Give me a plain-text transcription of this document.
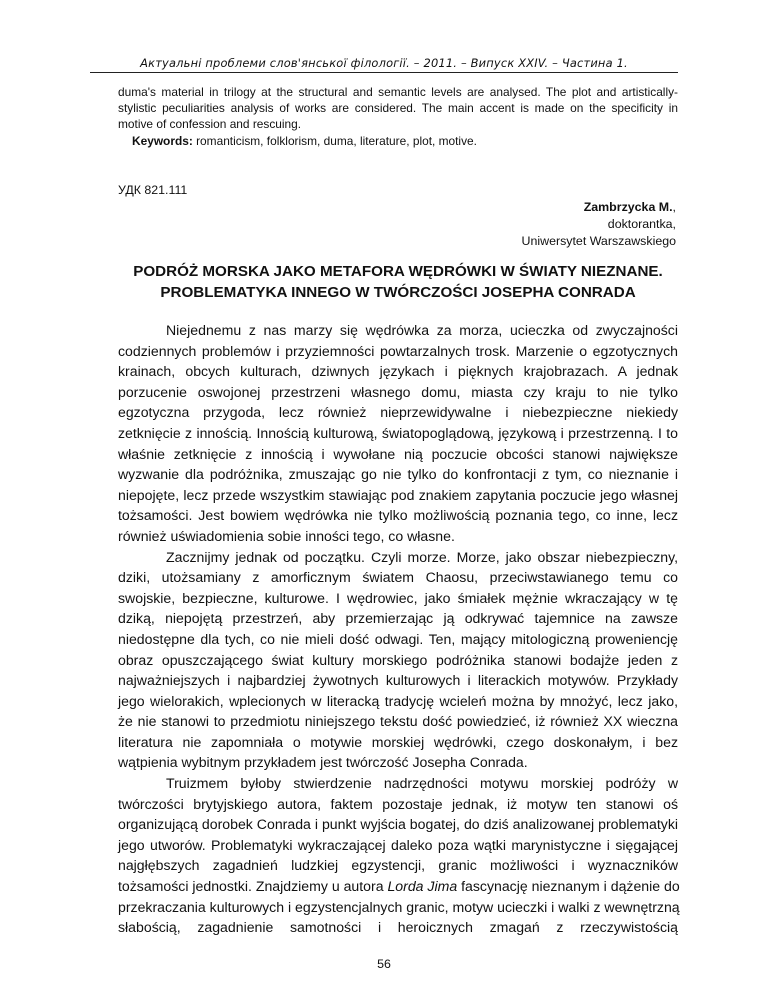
Актуальні проблеми слов'янської філології. – 2011. – Випуск XXIV. – Частина 1.

duma's material in trilogy at the structural and semantic levels are analysed. The plot and artistically-

stylistic peculiarities analysis of works are considered. The main accent is made on the specificity in

motive of confession and rescuing.

Keywords: romanticism, folklorism, duma, literature, plot, motive.

УДК 821.111
Zambrzycka M.,
doktorantka,
Uniwersytet Warszawskiego
PODRÓŻ MORSKA JAKO METAFORA WĘDRÓWKI W ŚWIATY NIEZNANE.
PROBLEMATYKA INNEGO W TWÓRCZOŚCI JOSEPHA CONRADA
Niejednemu z nas marzy się wędrówka za morza, ucieczka od zwyczajności
codziennych problemów i przyziemności powtarzalnych trosk. Marzenie o egzotycznych
krainach, obcych kulturach, dziwnych językach i pięknych krajobrazach. A jednak
porzucenie oswojonej przestrzeni własnego domu, miasta czy kraju to nie tylko
egzotyczna przygoda, lecz również nieprzewidywalne i niebezpieczne niekiedy
zetknięcie z innością. Innością kulturową, światopoglądową, językową i przestrzenną. I to
właśnie zetknięcie z innością i wywołane nią poczucie obcości stanowi największe
wyzwanie dla podróżnika, zmuszając go nie tylko do konfrontacji z tym, co nieznanie i
niepojęte, lecz przede wszystkim stawiając pod znakiem zapytania poczucie jego własnej
tożsamości. Jest bowiem wędrówka nie tylko możliwością poznania tego, co inne, lecz
również uświadomienia sobie inności tego, co własne.
Zacznijmy jednak od początku. Czyli morze. Morze, jako obszar niebezpieczny,
dziki, utożsamiany z amorficznym światem Chaosu, przeciwstawianego temu co
swojskie, bezpieczne, kulturowe. I wędrowiec, jako śmiałek mężnie wkraczający w tę
dziką, niepojętą przestrzeń, aby przemierzając ją odkrywać tajemnice na zawsze
niedostępne dla tych, co nie mieli dość odwagi. Ten, mający mitologiczną proweniencję
obraz opuszczającego świat kultury morskiego podróżnika stanowi bodajże jeden z
najważniejszych i najbardziej żywotnych kulturowych i literackich motywów. Przykłady
jego wielorakich, wplecionych w literacką tradycję wcieleń można by mnożyć, lecz jako,
że nie stanowi to przedmiotu niniejszego tekstu dość powiedzieć, iż również XX wieczna
literatura nie zapomniała o motywie morskiej wędrówki, czego doskonałym, i bez
wątpienia wybitnym przykładem jest twórczość Josepha Conrada.
Truizmem byłoby stwierdzenie nadrzędności motywu morskiej podróży w
twórczości brytyjskiego autora, faktem pozostaje jednak, iż motyw ten stanowi oś
organizującą dorobek Conrada i punkt wyjścia bogatej, do dziś analizowanej problematyki
jego utworów. Problematyki wykraczającej daleko poza wątki marynistyczne i sięgającej
najgłębszych zagadnień ludzkiej egzystencji, granic możliwości i wyznaczników
tożsamości jednostki. Znajdziemy u autora Lorda Jima fascynację nieznanym i dążenie do
przekraczania kulturowych i egzystencjalnych granic, motyw ucieczki i walki z wewnętrzną
słabością, zagadnienie samotności i heroicznych zmagań z rzeczywistością
56
